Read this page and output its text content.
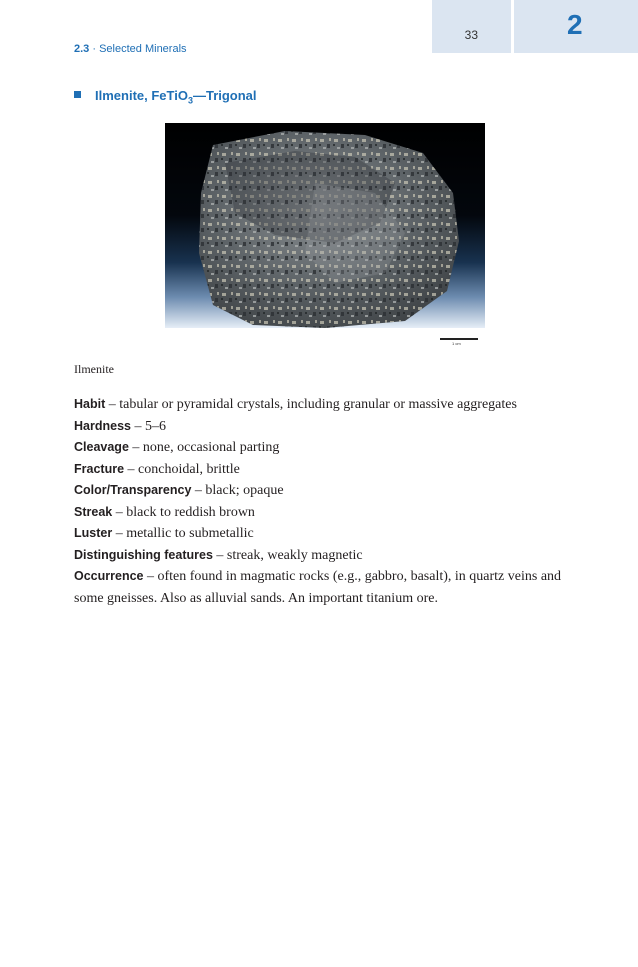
33	2
2.3 · Selected Minerals
Ilmenite, FeTiO$_3$—Trigonal
1 cm
Ilmenite
Habit – tabular or pyramidal crystals, including granular or massive aggregates
Hardness – 5–6
Cleavage – none, occasional parting
Fracture – conchoidal, brittle
Color/Transparency – black; opaque
Streak – black to reddish brown
Luster – metallic to submetallic
Distinguishing features – streak, weakly magnetic
Occurrence – often found in magmatic rocks (e.g., gabbro, basalt), in quartz veins and some gneisses. Also as alluvial sands. An important titanium ore.
